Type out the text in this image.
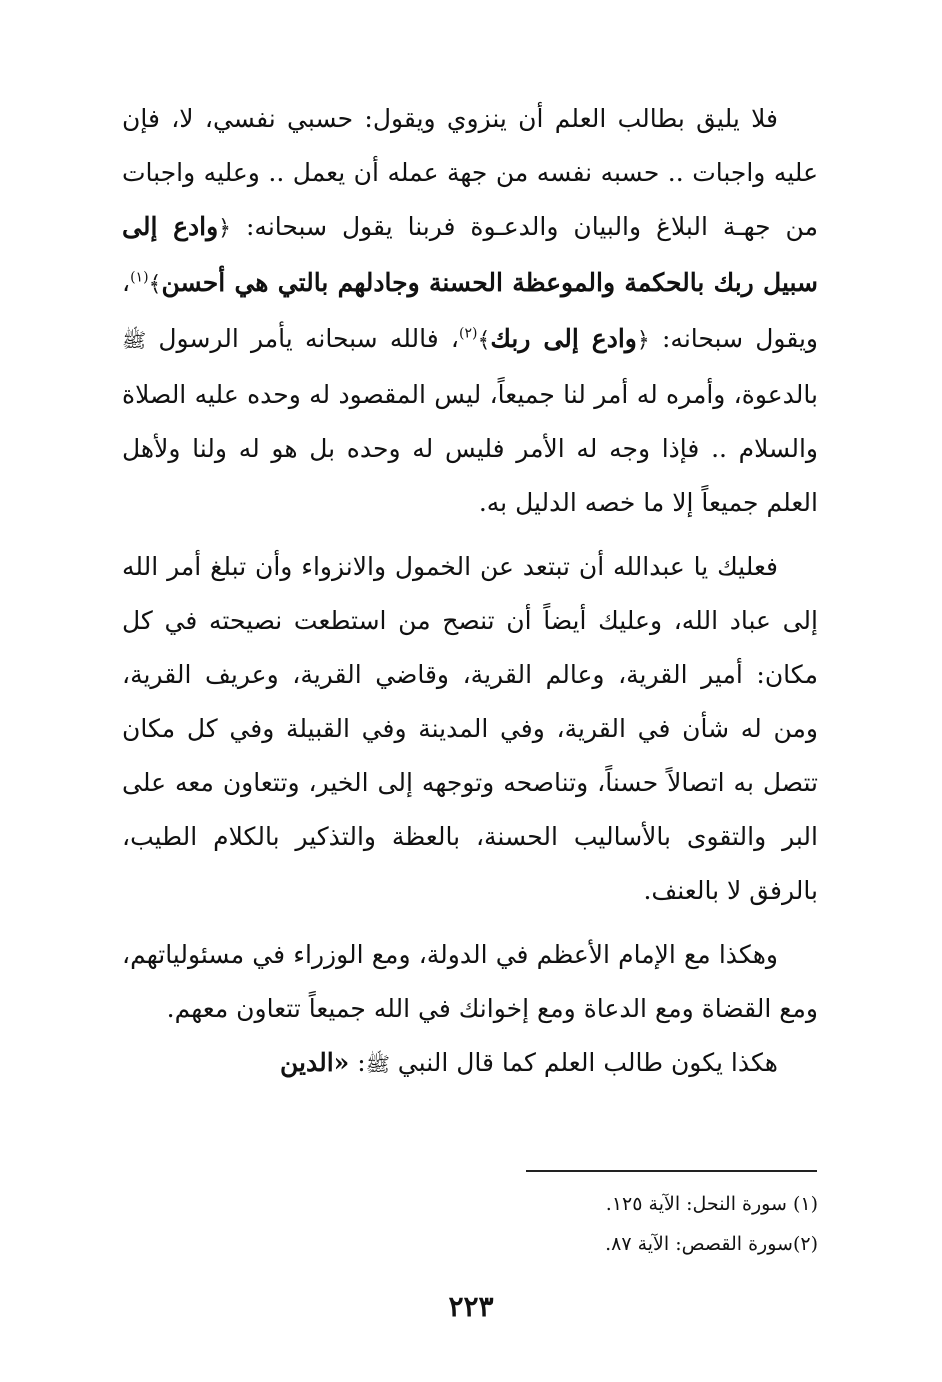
فلا يليق بطالب العلم أن ينزوي ويقول: حسبي نفسي، لا، فإن عليه واجبات .. حسبه نفسه من جهة عمله أن يعمل .. وعليه واجبات من جهـة البلاغ والبيان والدعـوة فربنا يقول سبحانه: ﴿وادع إلى سبيل ربك بالحكمة والموعظة الحسنة وجادلهم بالتي هي أحسن﴾$^{(١)}$، ويقول سبحانه: ﴿وادع إلى ربك﴾$^{(٢)}$، فالله سبحانه يأمر الرسول ﷺ بالدعوة، وأمره له أمر لنا جميعاً، ليس المقصود له وحده عليه الصلاة والسلام .. فإذا وجه له الأمر فليس له وحده بل هو له ولنا ولأهل العلم جميعاً إلا ما خصه الدليل به.

فعليك يا عبدالله أن تبتعد عن الخمول والانزواء وأن تبلغ أمر الله إلى عباد الله، وعليك أيضاً أن تنصح من استطعت نصيحته في كل مكان: أمير القرية، وعالم القرية، وقاضي القرية، وعريف القرية، ومن له شأن في القرية، وفي المدينة وفي القبيلة وفي كل مكان تتصل به اتصالاً حسناً، وتناصحه وتوجهه إلى الخير، وتتعاون معه على البر والتقوى بالأساليب الحسنة، بالعظة والتذكير بالكلام الطيب، بالرفق لا بالعنف.

وهكذا مع الإمام الأعظم في الدولة، ومع الوزراء في مسئولياتهم، ومع القضاة ومع الدعاة ومع إخوانك في الله جميعاً تتعاون معهم.

هكذا يكون طالب العلم كما قال النبي ﷺ: «الدين

(١) سورة النحل: الآية ١٢٥.

(٢)سورة القصص: الآية ٨٧.

٢٢٣
